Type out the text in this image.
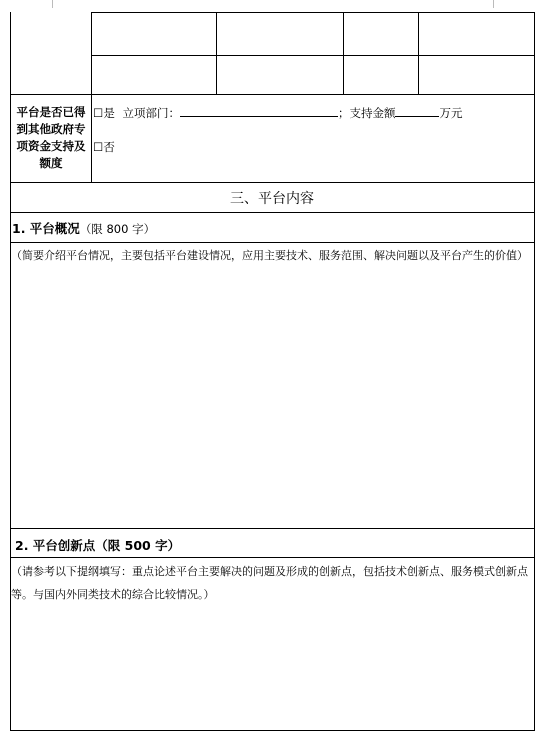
平台是否已得到其他政府专项资金支持及额度
☐是 立项部门：	；支持金额	万元
☐否
三、平台内容
1. 平台概况（限 800 字）
（简要介绍平台情况，主要包括平台建设情况，应用主要技术、服务范围、解决问题以及平台产生的价值）
2. 平台创新点（限 500 字）
（请参考以下提纲填写：重点论述平台主要解决的问题及形成的创新点，包括技术创新点、服务模式创新点等。与国内外同类技术的综合比较情况。）
